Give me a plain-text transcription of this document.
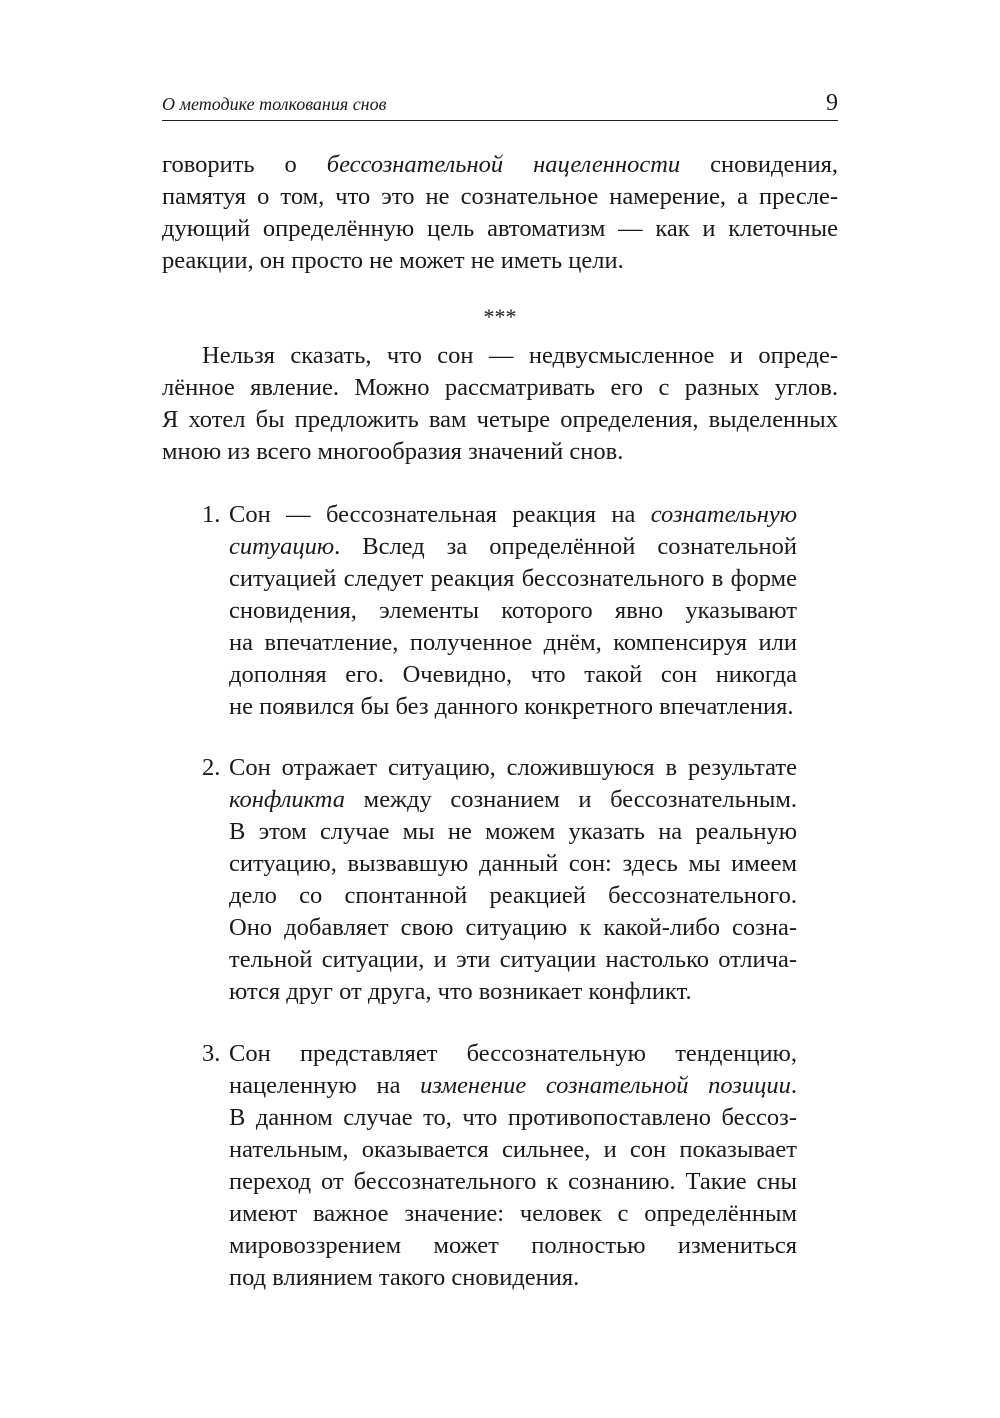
О методике толкования снов	9
говорить о бессознательной нацеленности сновидения,
памятуя о том, что это не сознательное намерение, а пресле-
дующий определённую цель автоматизм — как и клеточные
реакции, он просто не может не иметь цели.
***
Нельзя сказать, что сон — недвусмысленное и опреде-
лённое явление. Можно рассматривать его с разных углов.
Я хотел бы предложить вам четыре определения, выделенных
мною из всего многообразия значений снов.
1. Сон — бессознательная реакция на сознательную
ситуацию. Вслед за определённой сознательной
ситуацией следует реакция бессознательного в форме
сновидения, элементы которого явно указывают
на впечатление, полученное днём, компенсируя или
дополняя его. Очевидно, что такой сон никогда
не появился бы без данного конкретного впечатления.
2. Сон отражает ситуацию, сложившуюся в результате
конфликта между сознанием и бессознательным.
В этом случае мы не можем указать на реальную
ситуацию, вызвавшую данный сон: здесь мы имеем
дело со спонтанной реакцией бессознательного.
Оно добавляет свою ситуацию к какой-либо созна-
тельной ситуации, и эти ситуации настолько отлича-
ются друг от друга, что возникает конфликт.
3. Сон представляет бессознательную тенденцию,
нацеленную на изменение сознательной позиции.
В данном случае то, что противопоставлено бессоз-
нательным, оказывается сильнее, и сон показывает
переход от бессознательного к сознанию. Такие сны
имеют важное значение: человек с определённым
мировоззрением может полностью измениться
под влиянием такого сновидения.
